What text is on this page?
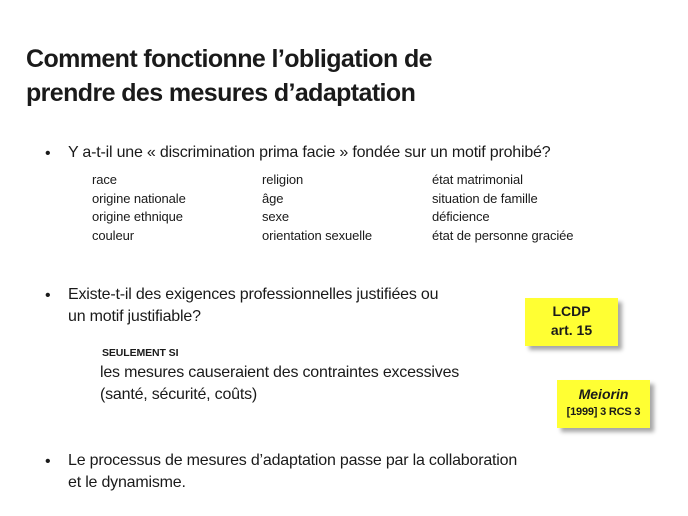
Comment fonctionne l’obligation de
prendre des mesures d’adaptation
• Y a-t-il une « discrimination prima facie » fondée sur un motif prohibé?
race
origine nationale
origine ethnique
couleur
religion
âge
sexe
orientation sexuelle
état matrimonial
situation de famille
déficience
état de personne graciée
• Existe-t-il des exigences professionnelles justifiées ou
un motif justifiable?
SEULEMENT SI
les mesures causeraient des contraintes excessives
(santé, sécurité, coûts)
• Le processus de mesures d’adaptation passe par la collaboration
et le dynamisme.
LCDP
art. 15
Meiorin
[1999] 3 RCS 3
